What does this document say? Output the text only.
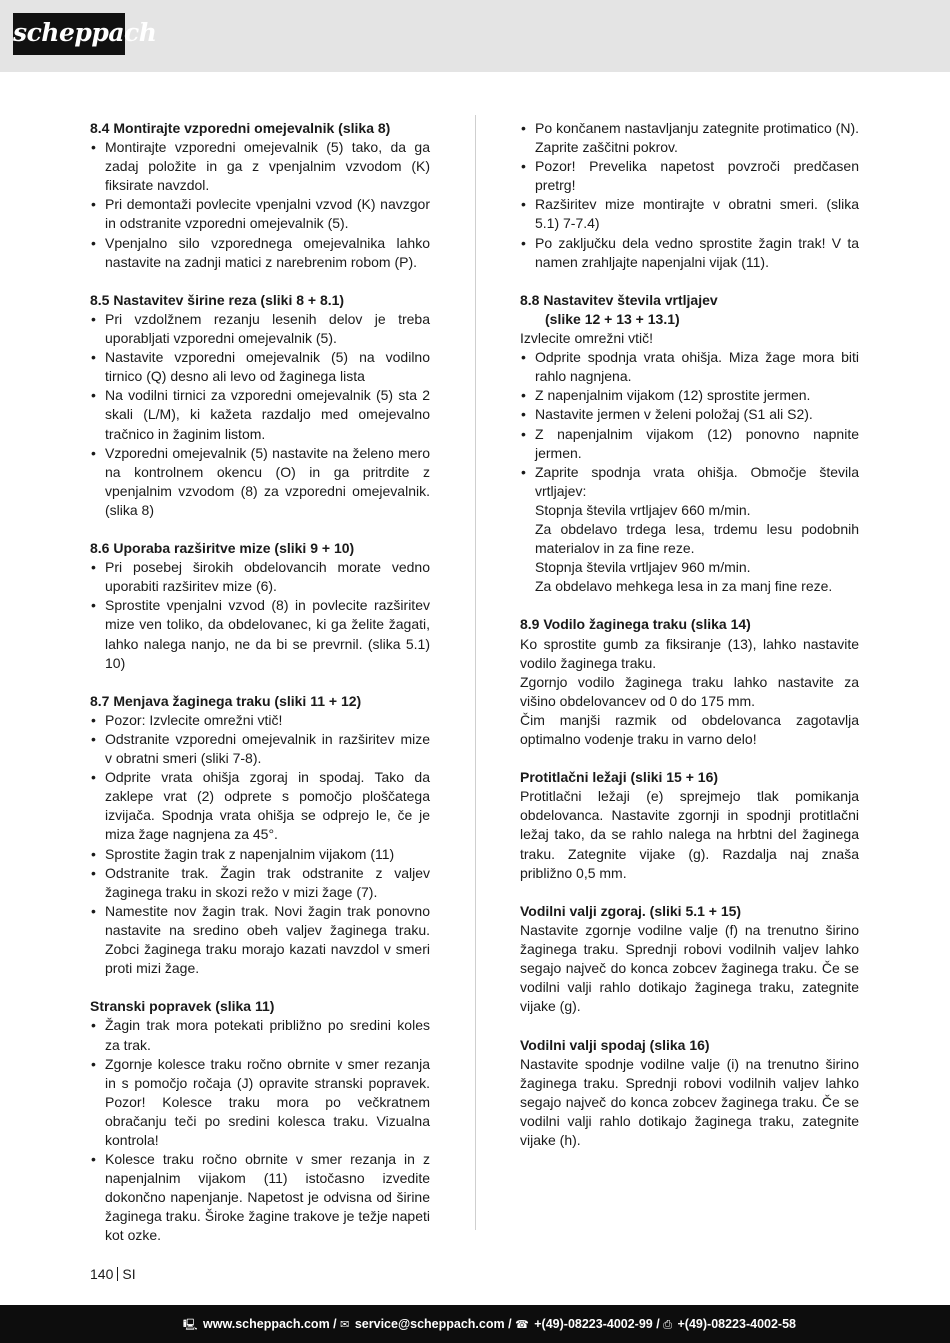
scheppach
8.4 Montirajte vzporedni omejevalnik (slika 8)
• Montirajte vzporedni omejevalnik (5) tako, da ga zadaj položite in ga z vpenjalnim vzvodom (K) fiksirate navzdol.
• Pri demontaži povlecite vpenjalni vzvod (K) navzgor in odstranite vzporedni omejevalnik (5).
• Vpenjalno silo vzporednega omejevalnika lahko nastavite na zadnji matici z narebrenim robom (P).
8.5 Nastavitev širine reza (sliki 8 + 8.1)
• Pri vzdolžnem rezanju lesenih delov je treba uporabljati vzporedni omejevalnik (5).
• Nastavite vzporedni omejevalnik (5) na vodilno tirnico (Q) desno ali levo od žaginega lista
• Na vodilni tirnici za vzporedni omejevalnik (5) sta 2 skali (L/M), ki kažeta razdaljo med omejevalno tračnico in žaginim listom.
• Vzporedni omejevalnik (5) nastavite na želeno mero na kontrolnem okencu (O) in ga pritrdite z vpenjalnim vzvodom (8) za vzporedni omejevalnik. (slika 8)
8.6 Uporaba razširitve mize (sliki 9 + 10)
• Pri posebej širokih obdelovancih morate vedno uporabiti razširitev mize (6).
• Sprostite vpenjalni vzvod (8) in povlecite razširitev mize ven toliko, da obdelovanec, ki ga želite žagati, lahko nalega nanjo, ne da bi se prevrnil. (slika 5.1) 10)
8.7 Menjava žaginega traku (sliki 11 + 12)
• Pozor: Izvlecite omrežni vtič!
• Odstranite vzporedni omejevalnik in razširitev mize v obratni smeri (sliki 7-8).
• Odprite vrata ohišja zgoraj in spodaj. Tako da zaklepe vrat (2) odprete s pomočjo ploščatega izvijača. Spodnja vrata ohišja se odprejo le, če je miza žage nagnjena za 45°.
• Sprostite žagin trak z napenjalnim vijakom (11)
• Odstranite trak. Žagin trak odstranite z valjev žaginega traku in skozi režo v mizi žage (7).
• Namestite nov žagin trak. Novi žagin trak ponovno nastavite na sredino obeh valjev žaginega traku. Zobci žaginega traku morajo kazati navzdol v smeri proti mizi žage.
Stranski popravek (slika 11)
• Žagin trak mora potekati približno po sredini koles za trak.
• Zgornje kolesce traku ročno obrnite v smer rezanja in s pomočjo ročaja (J) opravite stranski popravek. Pozor! Kolesce traku mora po večkratnem obračanju teči po sredini kolesca traku. Vizualna kontrola!
• Kolesce traku ročno obrnite v smer rezanja in z napenjalnim vijakom (11) istočasno izvedite dokončno napenjanje. Napetost je odvisna od širine žaginega traku. Široke žagine trakove je težje napeti kot ozke.
• Po končanem nastavljanju zategnite protimatico (N). Zaprite zaščitni pokrov.
• Pozor! Prevelika napetost povzroči predčasen pretrg!
• Razširitev mize montirajte v obratni smeri. (slika 5.1) 7-7.4)
• Po zaključku dela vedno sprostite žagin trak! V ta namen zrahljajte napenjalni vijak (11).
8.8 Nastavitev števila vrtljajev
(slike 12 + 13 + 13.1)
Izvlecite omrežni vtič!
• Odprite spodnja vrata ohišja. Miza žage mora biti rahlo nagnjena.
• Z napenjalnim vijakom (12) sprostite jermen.
• Nastavite jermen v želeni položaj (S1 ali S2).
• Z napenjalnim vijakom (12) ponovno napnite jermen.
• Zaprite spodnja vrata ohišja. Območje števila vrtljajev:
Stopnja števila vrtljajev 660 m/min.
Za obdelavo trdega lesa, trdemu lesu podobnih materialov in za fine reze.
Stopnja števila vrtljajev 960 m/min.
Za obdelavo mehkega lesa in za manj fine reze.
8.9 Vodilo žaginega traku (slika 14)
Ko sprostite gumb za fiksiranje (13), lahko nastavite vodilo žaginega traku.
Zgornjo vodilo žaginega traku lahko nastavite za višino obdelovancev od 0 do 175 mm.
Čim manjši razmik od obdelovanca zagotavlja optimalno vodenje traku in varno delo!
Protitlačni ležaji (sliki 15 + 16)
Protitlačni ležaji (e) sprejmejo tlak pomikanja obdelovanca. Nastavite zgornji in spodnji protitlačni ležaj tako, da se rahlo nalega na hrbtni del žaginega traku. Zategnite vijake (g). Razdalja naj znaša približno 0,5 mm.
Vodilni valji zgoraj. (sliki 5.1 + 15)
Nastavite zgornje vodilne valje (f) na trenutno širino žaginega traku. Sprednji robovi vodilnih valjev lahko segajo največ do konca zobcev žaginega traku. Če se vodilni valji rahlo dotikajo žaginega traku, zategnite vijake (g).
Vodilni valji spodaj (slika 16)
Nastavite spodnje vodilne valje (i) na trenutno širino žaginega traku. Sprednji robovi vodilnih valjev lahko segajo največ do konca zobcev žaginega traku. Če se vodilni valji rahlo dotikajo žaginega traku, zategnite vijake (h).
140 SI
🖳 www.scheppach.com / ✉ service@scheppach.com / ☎ +(49)-08223-4002-99 / ⎙ +(49)-08223-4002-58
